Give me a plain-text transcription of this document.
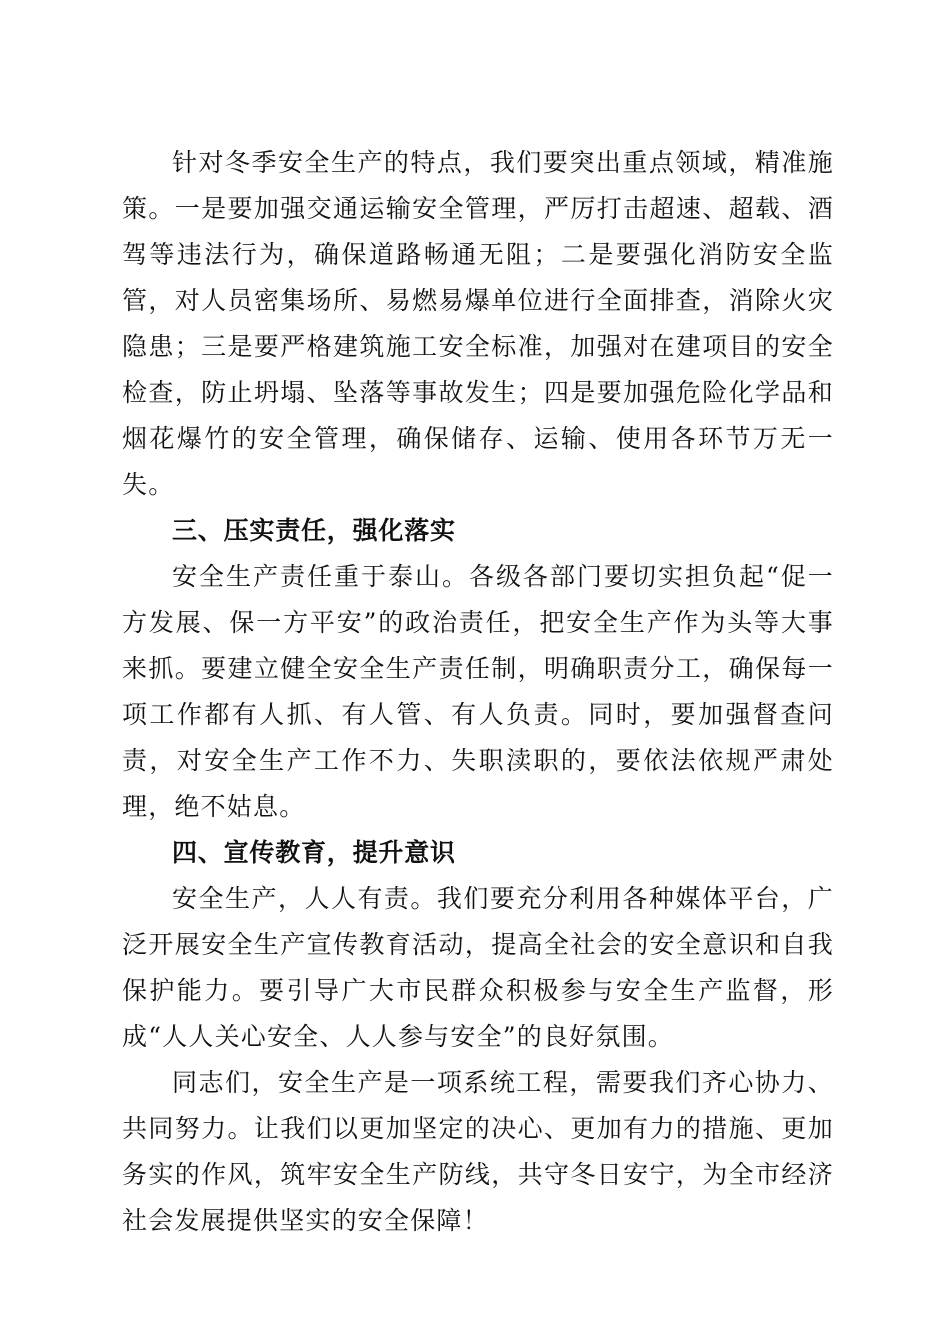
针对冬季安全生产的特点，我们要突出重点领域，精准施策。一是要加强交通运输安全管理，严厉打击超速、超载、酒驾等违法行为，确保道路畅通无阻；二是要强化消防安全监管，对人员密集场所、易燃易爆单位进行全面排查，消除火灾隐患；三是要严格建筑施工安全标准，加强对在建项目的安全检查，防止坍塌、坠落等事故发生；四是要加强危险化学品和烟花爆竹的安全管理，确保储存、运输、使用各环节万无一失。

三、压实责任，强化落实

安全生产责任重于泰山。各级各部门要切实担负起“促一方发展、保一方平安”的政治责任，把安全生产作为头等大事来抓。要建立健全安全生产责任制，明确职责分工，确保每一项工作都有人抓、有人管、有人负责。同时，要加强督查问责，对安全生产工作不力、失职渎职的，要依法依规严肃处理，绝不姑息。

四、宣传教育，提升意识

安全生产，人人有责。我们要充分利用各种媒体平台，广泛开展安全生产宣传教育活动，提高全社会的安全意识和自我保护能力。要引导广大市民群众积极参与安全生产监督，形成“人人关心安全、人人参与安全”的良好氛围。

同志们，安全生产是一项系统工程，需要我们齐心协力、共同努力。让我们以更加坚定的决心、更加有力的措施、更加务实的作风，筑牢安全生产防线，共守冬日安宁，为全市经济社会发展提供坚实的安全保障！
